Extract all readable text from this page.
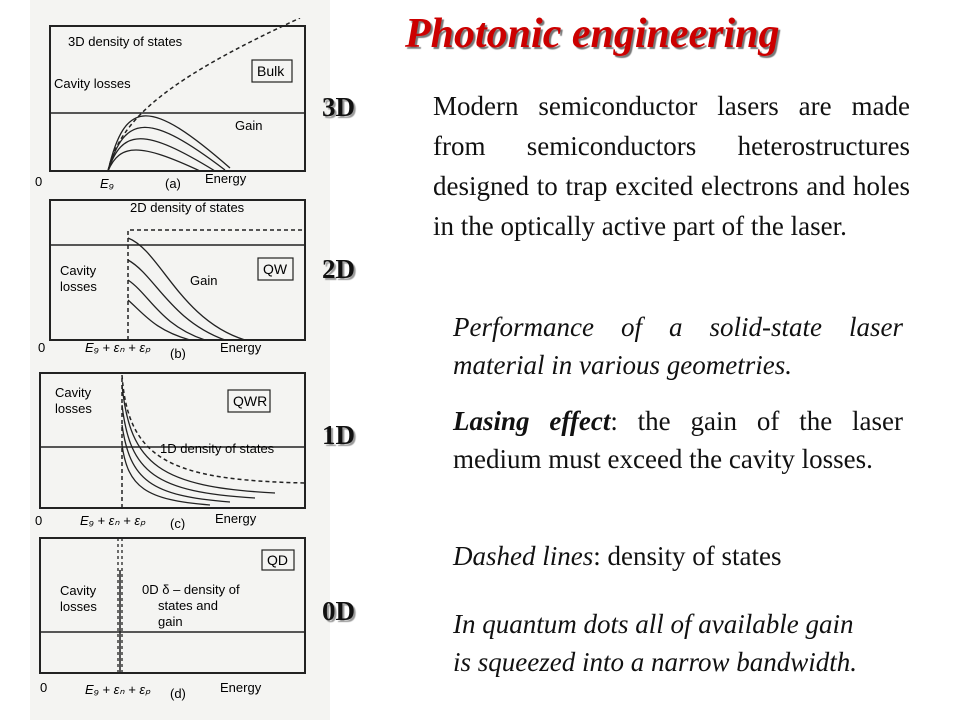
Bulk
3D density of states
Cavity losses
Gain
Energy
0	E₉	(a)
QW
2D density of states
Cavity
losses	Gain
Energy
0	E₉ + εₙ + εₚ (b)
QWR
1D density of states
Cavity
losses
Energy
0	E₉ + εₙ + εₚ (c)
QD
0D δ – density of
states and
gain
Cavity
losses
Energy
0	E₉ + εₙ + εₚ (d)
Photonic engineering
3D
2D
1D
0D
Modern semiconductor lasers are made from semiconductors heterostructures designed to trap excited electrons and holes in the optically active part of the laser.
Performance of a solid-state laser material in various geometries.
Lasing effect: the gain of the laser medium must exceed the cavity losses.
Dashed lines: density of states
In quantum dots all of available gain is squeezed into a narrow bandwidth.
